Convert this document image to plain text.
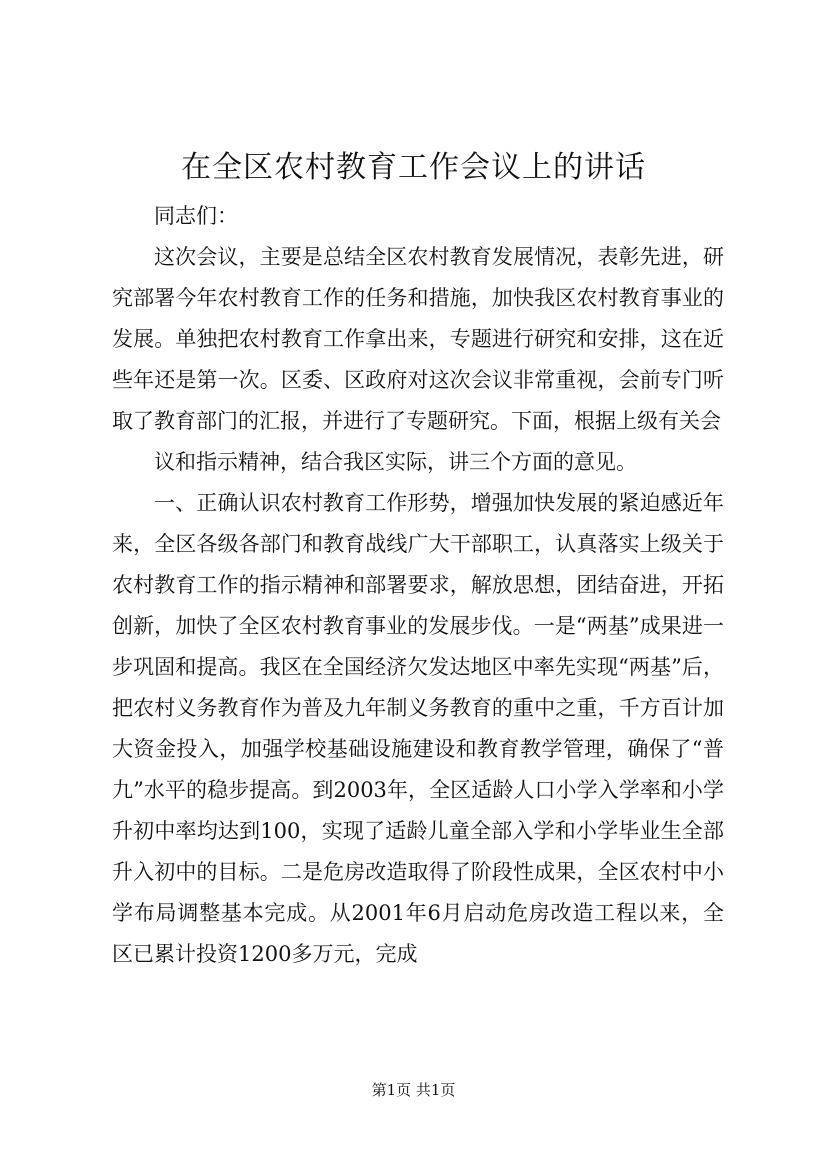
在全区农村教育工作会议上的讲话

同志们：

这次会议，主要是总结全区农村教育发展情况，表彰先进，研究部署今年农村教育工作的任务和措施，加快我区农村教育事业的发展。单独把农村教育工作拿出来，专题进行研究和安排，这在近些年还是第一次。区委、区政府对这次会议非常重视，会前专门听取了教育部门的汇报，并进行了专题研究。下面，根据上级有关会

议和指示精神，结合我区实际，讲三个方面的意见。

一、正确认识农村教育工作形势，增强加快发展的紧迫感近年来，全区各级各部门和教育战线广大干部职工，认真落实上级关于农村教育工作的指示精神和部署要求，解放思想，团结奋进，开拓创新，加快了全区农村教育事业的发展步伐。一是“两基”成果进一步巩固和提高。我区在全国经济欠发达地区中率先实现“两基”后，把农村义务教育作为普及九年制义务教育的重中之重，千方百计加大资金投入，加强学校基础设施建设和教育教学管理，确保了“普九”水平的稳步提高。到2003年，全区适龄人口小学入学率和小学升初中率均达到100，实现了适龄儿童全部入学和小学毕业生全部升入初中的目标。二是危房改造取得了阶段性成果，全区农村中小学布局调整基本完成。从2001年6月启动危房改造工程以来，全区已累计投资1200多万元，完成

第1页 共1页
